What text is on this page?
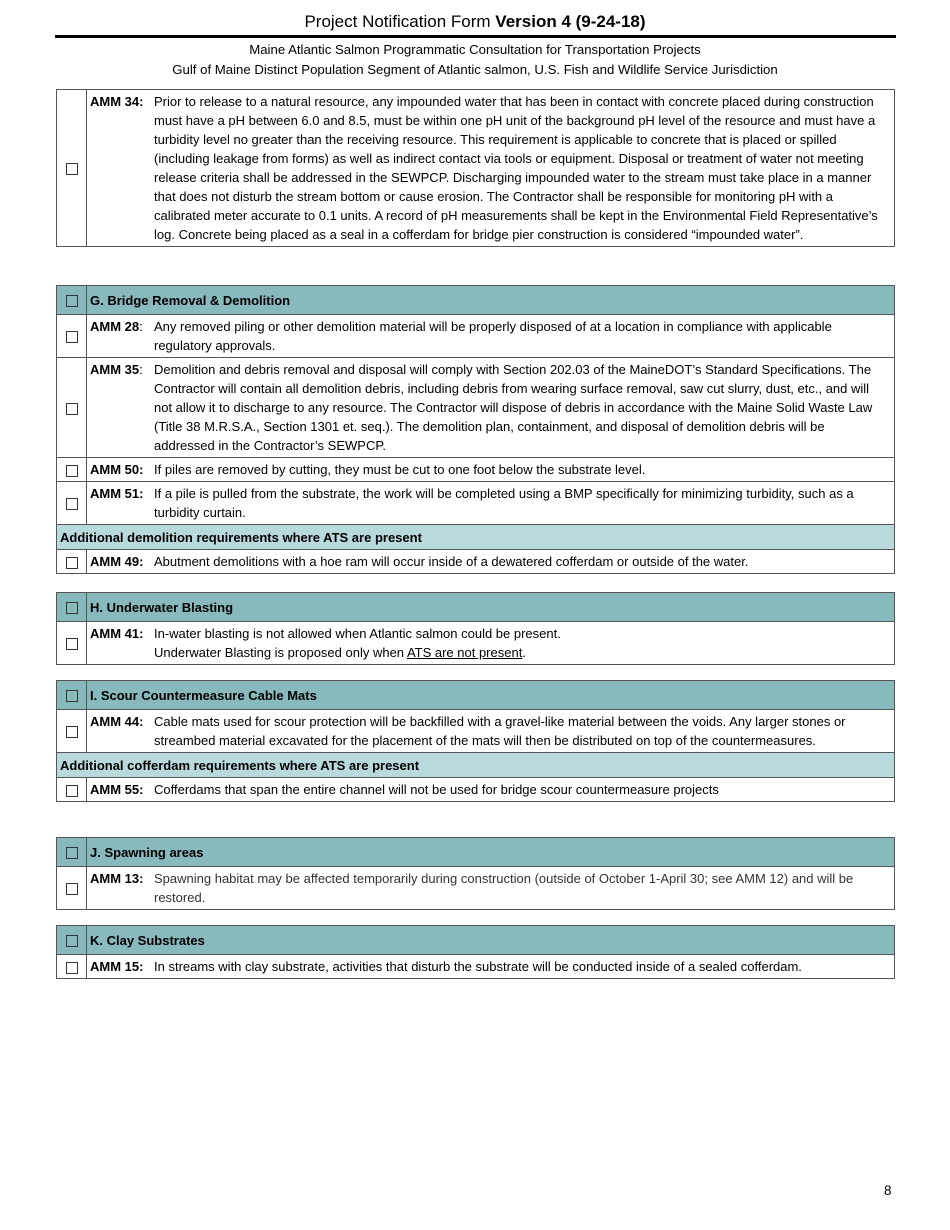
Project Notification Form Version 4 (9-24-18)
Maine Atlantic Salmon Programmatic Consultation for Transportation Projects
Gulf of Maine Distinct Population Segment of Atlantic salmon, U.S. Fish and Wildlife Service Jurisdiction

AMM 34: Prior to release to a natural resource, any impounded water that has been in contact with concrete placed during construction must have a pH between 6.0 and 8.5, must be within one pH unit of the background pH level of the resource and must have a turbidity level no greater than the receiving resource. This requirement is applicable to concrete that is placed or spilled (including leakage from forms) as well as indirect contact via tools or equipment. Disposal or treatment of water not meeting release criteria shall be addressed in the SEWPCP. Discharging impounded water to the stream must take place in a manner that does not disturb the stream bottom or cause erosion. The Contractor shall be responsible for monitoring pH with a calibrated meter accurate to 0.1 units. A record of pH measurements shall be kept in the Environmental Field Representative’s log. Concrete being placed as a seal in a cofferdam for bridge pier construction is considered “impounded water”.
	G. Bridge Removal & Demolition

	AMM 28: Any removed piling or other demolition material will be properly disposed of at a location in compliance with applicable regulatory approvals.

	AMM 35: Demolition and debris removal and disposal will comply with Section 202.03 of the MaineDOT’s Standard Specifications. The Contractor will contain all demolition debris, including debris from wearing surface removal, saw cut slurry, dust, etc., and will not allow it to discharge to any resource. The Contractor will dispose of debris in accordance with the Maine Solid Waste Law (Title 38 M.R.S.A., Section 1301 et. seq.). The demolition plan, containment, and disposal of demolition debris will be addressed in the Contractor’s SEWPCP.

	AMM 50: If piles are removed by cutting, they must be cut to one foot below the substrate level.

	AMM 51: If a pile is pulled from the substrate, the work will be completed using a BMP specifically for minimizing turbidity, such as a turbidity curtain.

Additional demolition requirements where ATS are present	

	AMM 49: Abutment demolitions with a hoe ram will occur inside of a dewatered cofferdam or outside of the water.
	H. Underwater Blasting

	AMM 41: In-water blasting is not allowed when Atlantic salmon could be present.
Underwater Blasting is proposed only when ATS are not present.
	I. Scour Countermeasure Cable Mats

	AMM 44: Cable mats used for scour protection will be backfilled with a gravel-like material between the voids. Any larger stones or streambed material excavated for the placement of the mats will then be distributed on top of the countermeasures.

Additional cofferdam requirements where ATS are present	

	AMM 55: Cofferdams that span the entire channel will not be used for bridge scour countermeasure projects
	J. Spawning areas

	AMM 13: Spawning habitat may be affected temporarily during construction (outside of October 1-April 30; see AMM 12) and will be restored.
	K. Clay Substrates

	AMM 15: In streams with clay substrate, activities that disturb the substrate will be conducted inside of a sealed cofferdam.
8
